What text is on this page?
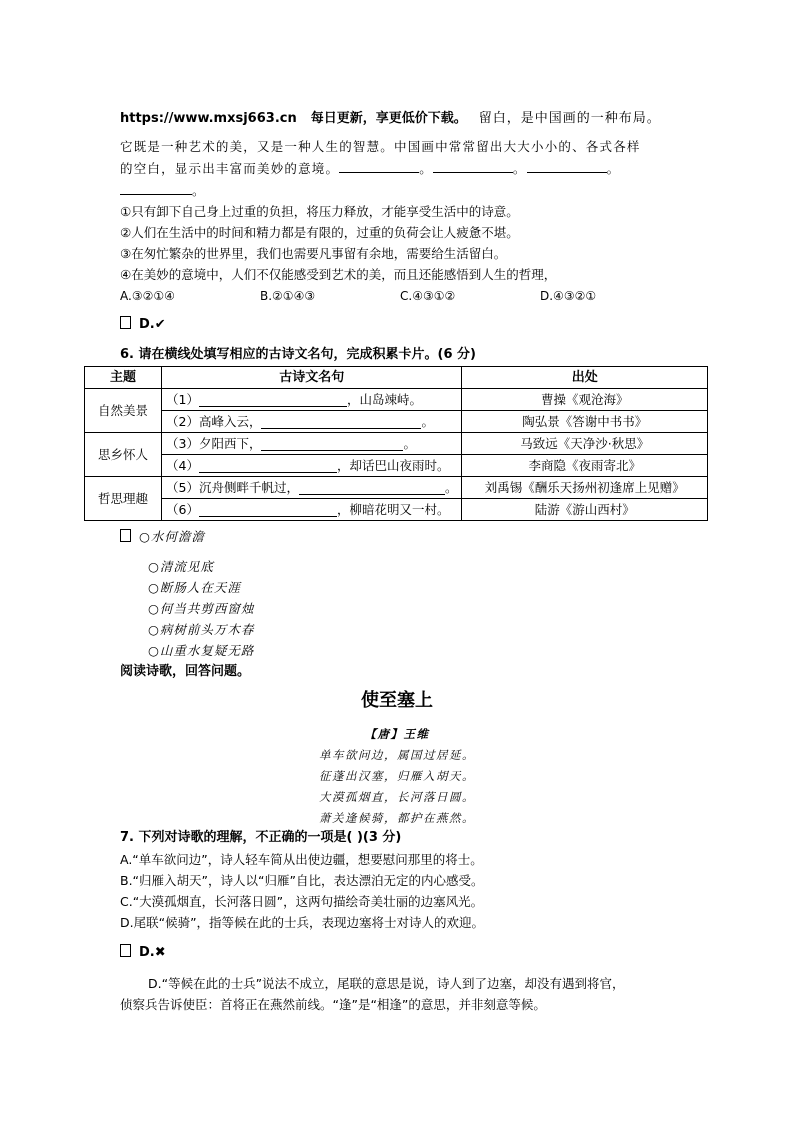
https://www.mxsj663.cn 每日更新，享更低价下载。 留白，是中国画的一种布局。
它既是一种艺术的美，又是一种人生的智慧。中国画中常常留出大大小小的、各式各样
的空白，显示出丰富而美妙的意境。	。	。	。
。
①只有卸下自己身上过重的负担，将压力释放，才能享受生活中的诗意。
②人们在生活中的时间和精力都是有限的，过重的负荷会让人疲惫不堪。
③在匆忙繁杂的世界里，我们也需要凡事留有余地，需要给生活留白。
④在美妙的意境中，人们不仅能感受到艺术的美，而且还能感悟到人生的哲理，
A.③②①④	B.②①④③	C.④③①②	D.④③②①
D.✔
6. 请在横线处填写相应的古诗文名句，完成积累卡片。(6 分)
主题	古诗文名句	出处
自然美景	（1） ，山岛竦峙。	曹操《观沧海》
	（2）高峰入云， 。	陶弘景《答谢中书书》
思乡怀人	（3）夕阳西下， 。	马致远《天净沙·秋思》
	（4） ，却话巴山夜雨时。	李商隐《夜雨寄北》
哲思理趣	（5）沉舟侧畔千帆过， 。	刘禹锡《酬乐天扬州初逢席上见赠》
	（6） ，柳暗花明又一村。	陆游《游山西村》
○水何澹澹
○清流见底
○断肠人在天涯
○何当共剪西窗烛
○病树前头万木春
○山重水复疑无路
阅读诗歌，回答问题。
使至塞上
【唐】王维
单车欲问边，属国过居延。
征蓬出汉塞，归雁入胡天。
大漠孤烟直，长河落日圆。
萧关逢候骑，都护在燕然。
7. 下列对诗歌的理解，不正确的一项是( )(3 分)
A.“单车欲问边”，诗人轻车简从出使边疆，想要慰问那里的将士。
B.“归雁入胡天”，诗人以“归雁”自比，表达漂泊无定的内心感受。
C.“大漠孤烟直，长河落日圆”，这两句描绘奇美壮丽的边塞风光。
D.尾联“候骑”，指等候在此的士兵，表现边塞将士对诗人的欢迎。
D.✖
D.“等候在此的士兵”说法不成立，尾联的意思是说，诗人到了边塞，却没有遇到将官，
侦察兵告诉使臣：首将正在燕然前线。“逢”是“相逢”的意思，并非刻意等候。
